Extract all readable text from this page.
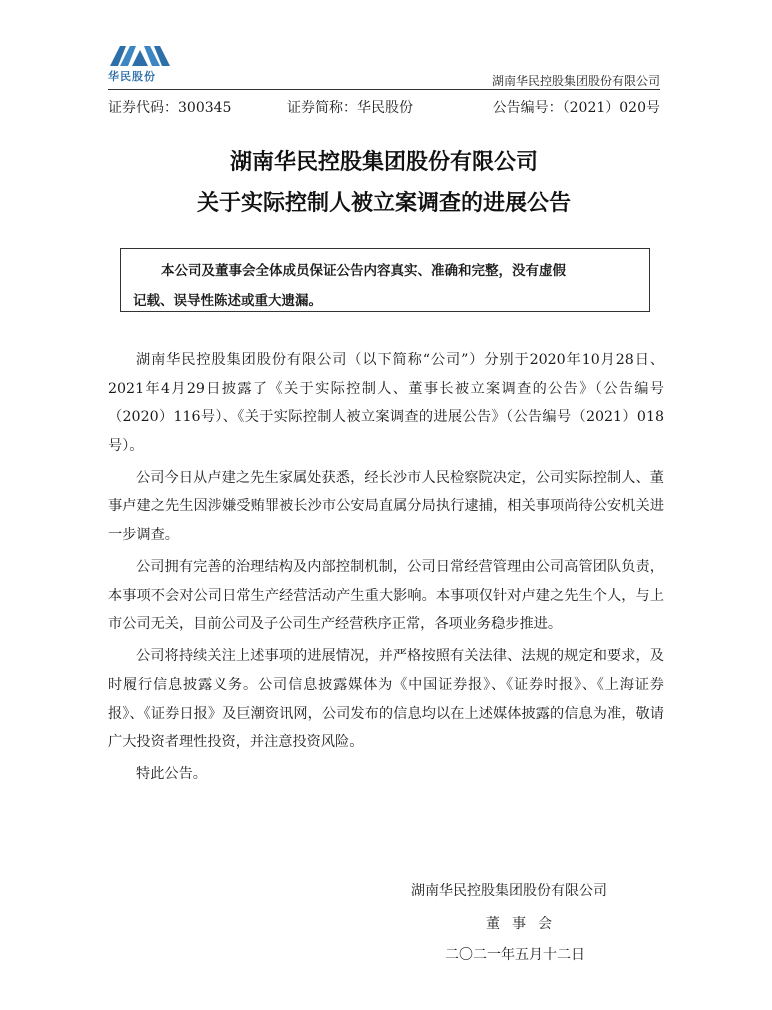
华民股份	湖南华民控股集团股份有限公司
证券代码：300345	证券简称：华民股份	公告编号：（2021）020号
湖南华民控股集团股份有限公司
关于实际控制人被立案调查的进展公告
本公司及董事会全体成员保证公告内容真实、准确和完整，没有虚假
记载、误导性陈述或重大遗漏。

湖南华民控股集团股份有限公司（以下简称“公司”）分别于2020年10月28日、2021年4月29日披露了《关于实际控制人、董事长被立案调查的公告》（公告编号（2020）116号）、《关于实际控制人被立案调查的进展公告》（公告编号（2021）018号）。

公司今日从卢建之先生家属处获悉，经长沙市人民检察院决定，公司实际控制人、董事卢建之先生因涉嫌受贿罪被长沙市公安局直属分局执行逮捕，相关事项尚待公安机关进一步调查。

公司拥有完善的治理结构及内部控制机制，公司日常经营管理由公司高管团队负责，本事项不会对公司日常生产经营活动产生重大影响。本事项仅针对卢建之先生个人，与上市公司无关，目前公司及子公司生产经营秩序正常，各项业务稳步推进。

公司将持续关注上述事项的进展情况，并严格按照有关法律、法规的规定和要求，及时履行信息披露义务。公司信息披露媒体为《中国证券报》、《证券时报》、《上海证券报》、《证券日报》及巨潮资讯网，公司发布的信息均以在上述媒体披露的信息为准，敬请广大投资者理性投资，并注意投资风险。

特此公告。

湖南华民控股集团股份有限公司
董事会
二〇二一年五月十二日
